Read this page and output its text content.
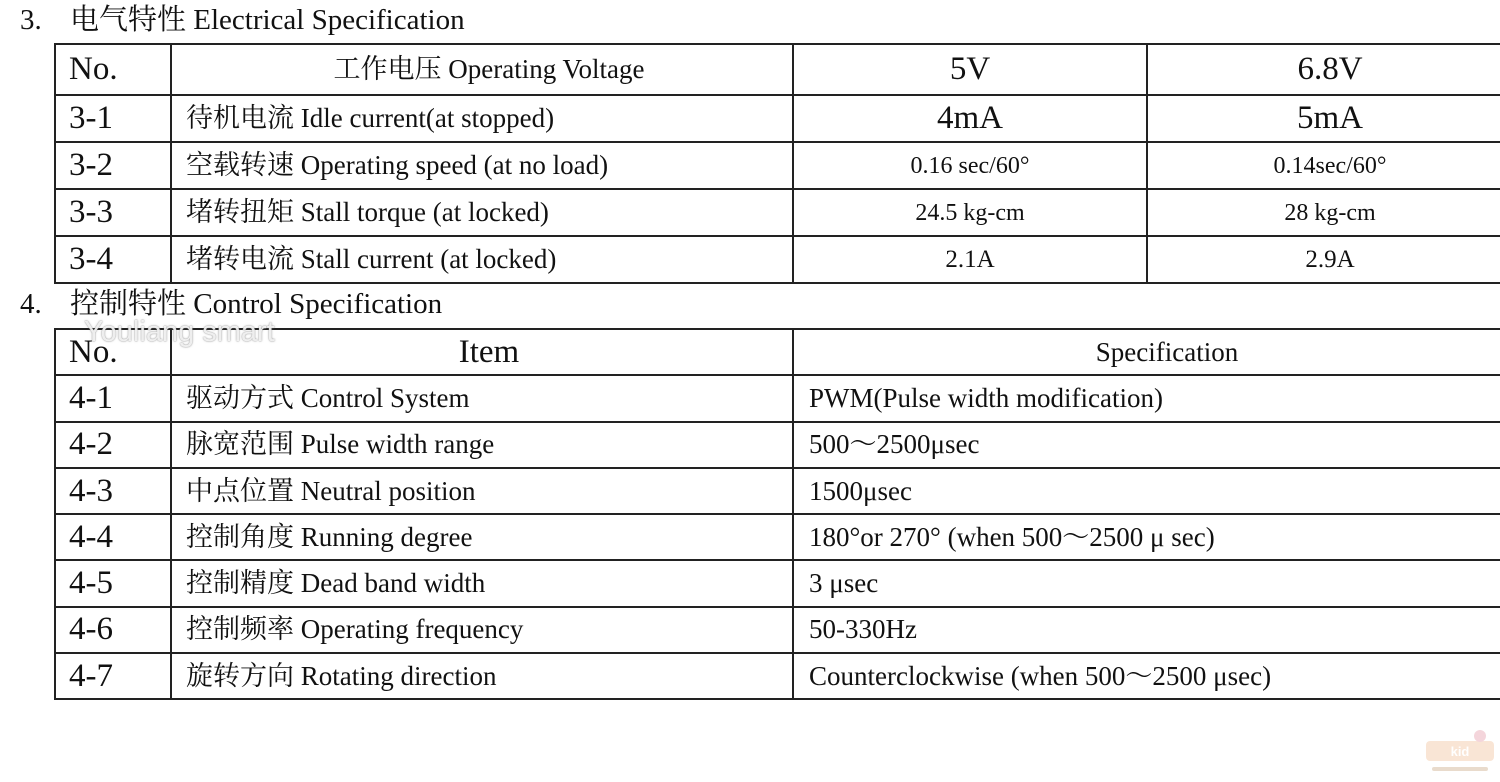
3. 电气特性 Electrical Specification
No.	工作电压 Operating Voltage	5V	6.8V
3-1	待机电流 Idle current(at stopped)	4mA	5mA
3-2	空载转速 Operating speed (at no load)	0.16 sec/60°	0.14sec/60°
3-3	堵转扭矩 Stall torque (at locked)	24.5 kg-cm	28 kg-cm
3-4	堵转电流 Stall current (at locked)	2.1A	2.9A
4. 控制特性 Control Specification
No.	Item	Specification
4-1	驱动方式 Control System	PWM(Pulse width modification)
4-2	脉宽范围 Pulse width range	500～2500μsec
4-3	中点位置 Neutral position	1500μsec
4-4	控制角度 Running degree	180°or 270° (when 500～2500 μ sec)
4-5	控制精度 Dead band width	3 μsec
4-6	控制频率 Operating frequency	50-330Hz
4-7	旋转方向 Rotating direction	Counterclockwise (when 500～2500 μsec)
Youliang smart
kid
